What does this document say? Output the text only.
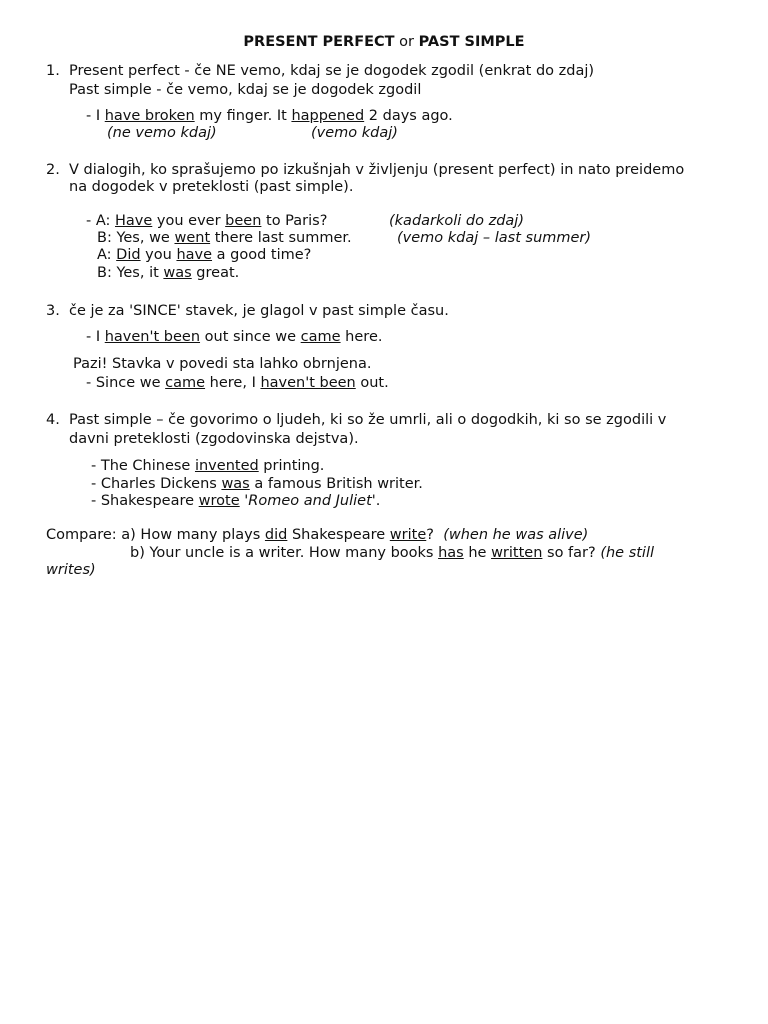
PRESENT PERFECT or PAST SIMPLE
1. Present perfect - če NE vemo, kdaj se je dogodek zgodil (enkrat do zdaj)
Past simple - če vemo, kdaj se je dogodek zgodil
- I have broken my finger. It happened 2 days ago.
(ne vemo kdaj)	(vemo kdaj)
2. V dialogih, ko sprašujemo po izkušnjah v življenju (present perfect) in nato preidemo
na dogodek v preteklosti (past simple).
- A: Have you ever been to Paris?	(kadarkoli do zdaj)
B: Yes, we went there last summer.	(vemo kdaj – last summer)
A: Did you have a good time?
B: Yes, it was great.
3. če je za 'SINCE' stavek, je glagol v past simple času.
- I haven't been out since we came here.
Pazi! Stavka v povedi sta lahko obrnjena.
- Since we came here, I haven't been out.
4. Past simple – če govorimo o ljudeh, ki so že umrli, ali o dogodkih, ki so se zgodili v
davni preteklosti (zgodovinska dejstva).
- The Chinese invented printing.
- Charles Dickens was a famous British writer.
- Shakespeare wrote 'Romeo and Juliet'.
Compare: a) How many plays did Shakespeare write?  (when he was alive)
b) Your uncle is a writer. How many books has he written so far? (he still
writes)
